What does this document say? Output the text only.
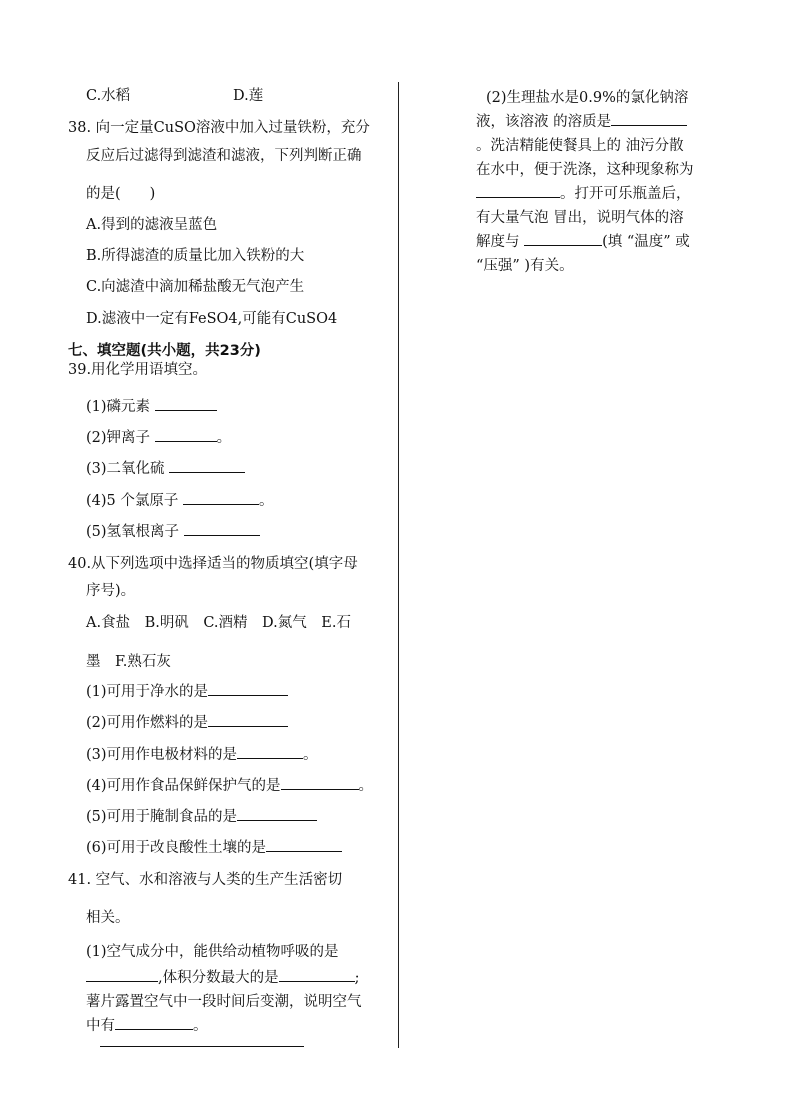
C.水稻	D.莲
38. 向一定量CuSO溶液中加入过量铁粉，充分
反应后过滤得到滤渣和滤液，下列判断正确
的是(　　)
A.得到的滤液呈蓝色
B.所得滤渣的质量比加入铁粉的大
C.向滤渣中滴加稀盐酸无气泡产生
D.滤液中一定有FeSO4,可能有CuSO4
七、填空题(共小题，共23分)
39.用化学用语填空。
(1)磷元素
(2)钾离子	。
(3)二氧化硫
(4)5 个氯原子	。
(5)氢氧根离子
40.从下列选项中选择适当的物质填空(填字母
序号)。
A.食盐　B.明矾　C.酒精　D.氮气　E.石
墨　F.熟石灰
(1)可用于净水的是
(2)可用作燃料的是
(3)可用作电极材料的是	。
(4)可用作食品保鲜保护气的是	。
(5)可用于腌制食品的是
(6)可用于改良酸性土壤的是
41. 空气、水和溶液与人类的生产生活密切
相关。
(1)空气成分中，能供给动植物呼吸的是
,体积分数最大的是	;
薯片露置空气中一段时间后变潮，说明空气
中有	。
(2)生理盐水是0.9%的氯化钠溶
液，该溶液 的溶质是
。洗洁精能使餐具上的 油污分散
在水中，便于洗涤，这种现象称为
。打开可乐瓶盖后，
有大量气泡 冒出，说明气体的溶
解度与	(填 “温度” 或
“压强” )有关。
